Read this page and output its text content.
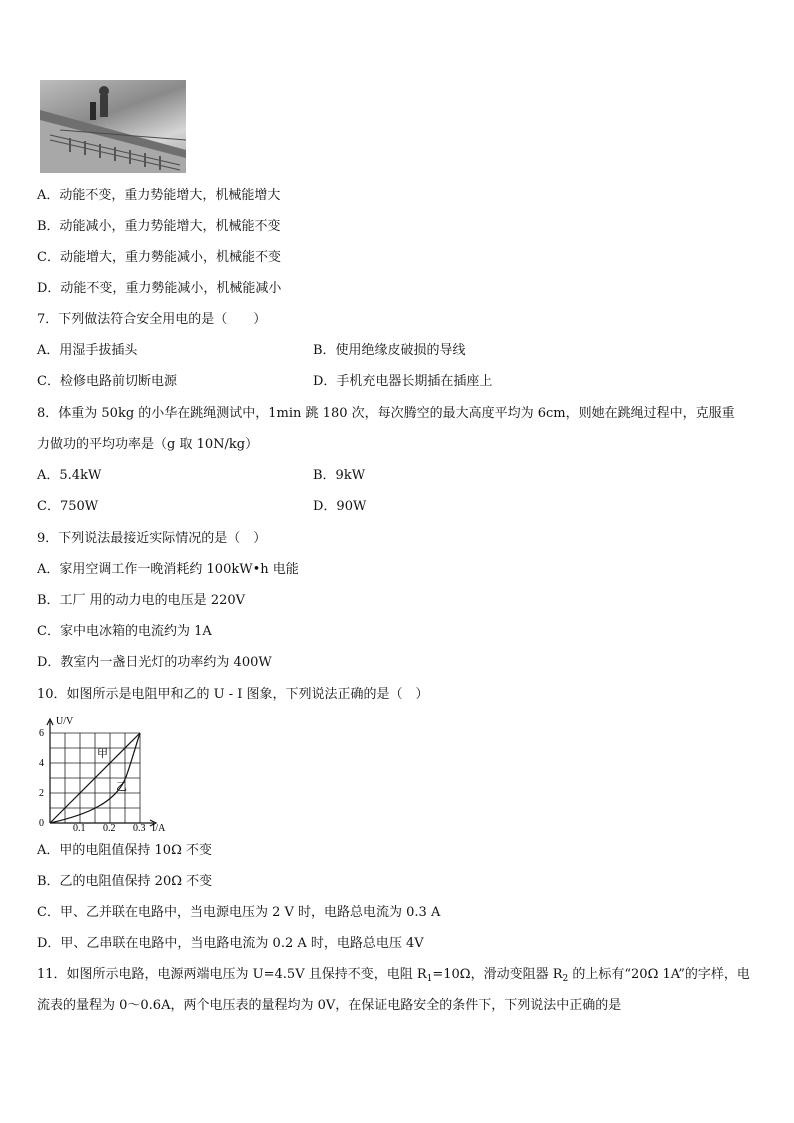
A．动能不变，重力势能增大，机械能增大
B．动能减小，重力势能增大，机械能不变
C．动能增大，重力勢能减小，机械能不变
D．动能不变，重力勢能减小，机械能减小
7．下列做法符合安全用电的是（　　）
A．用湿手拔插头	B．使用绝缘皮破损的导线
C．检修电路前切断电源	D．手机充电器长期插在插座上
8．体重为 50kg 的小华在跳绳测试中，1min 跳 180 次，每次腾空的最大高度平均为 6cm，则她在跳绳过程中，克服重
力做功的平均功率是（g 取 10N/kg）
A．5.4kW	B．9kW
C．750W	D．90W
9．下列说法最接近实际情况的是（　）
A．家用空调工作一晚消耗约 100kW•h 电能
B．工厂 用的动力电的电压是 220V
C．家中电冰箱的电流约为 1A
D．教室内一盏日光灯的功率约为 400W
10．如图所示是电阻甲和乙的 U - I 图象，下列说法正确的是（　）
U/V
I/A
6
4
2
0	0.1 0.2 0.3
甲
乙
A．甲的电阻值保持 10Ω 不变
B．乙的电阻值保持 20Ω 不变
C．甲、乙并联在电路中，当电源电压为 2 V 时，电路总电流为 0.3 A
D．甲、乙串联在电路中，当电路电流为 0.2 A 时，电路总电压 4V
11．如图所示电路，电源两端电压为 U=4.5V 且保持不变，电阻 $R_1=10\Omega$，滑动变阻器 $R_2$ 的上标有“20Ω 1A”的字样，电
流表的量程为 0～0.6A，两个电压表的量程均为 0V，在保证电路安全的条件下，下列说法中正确的是
